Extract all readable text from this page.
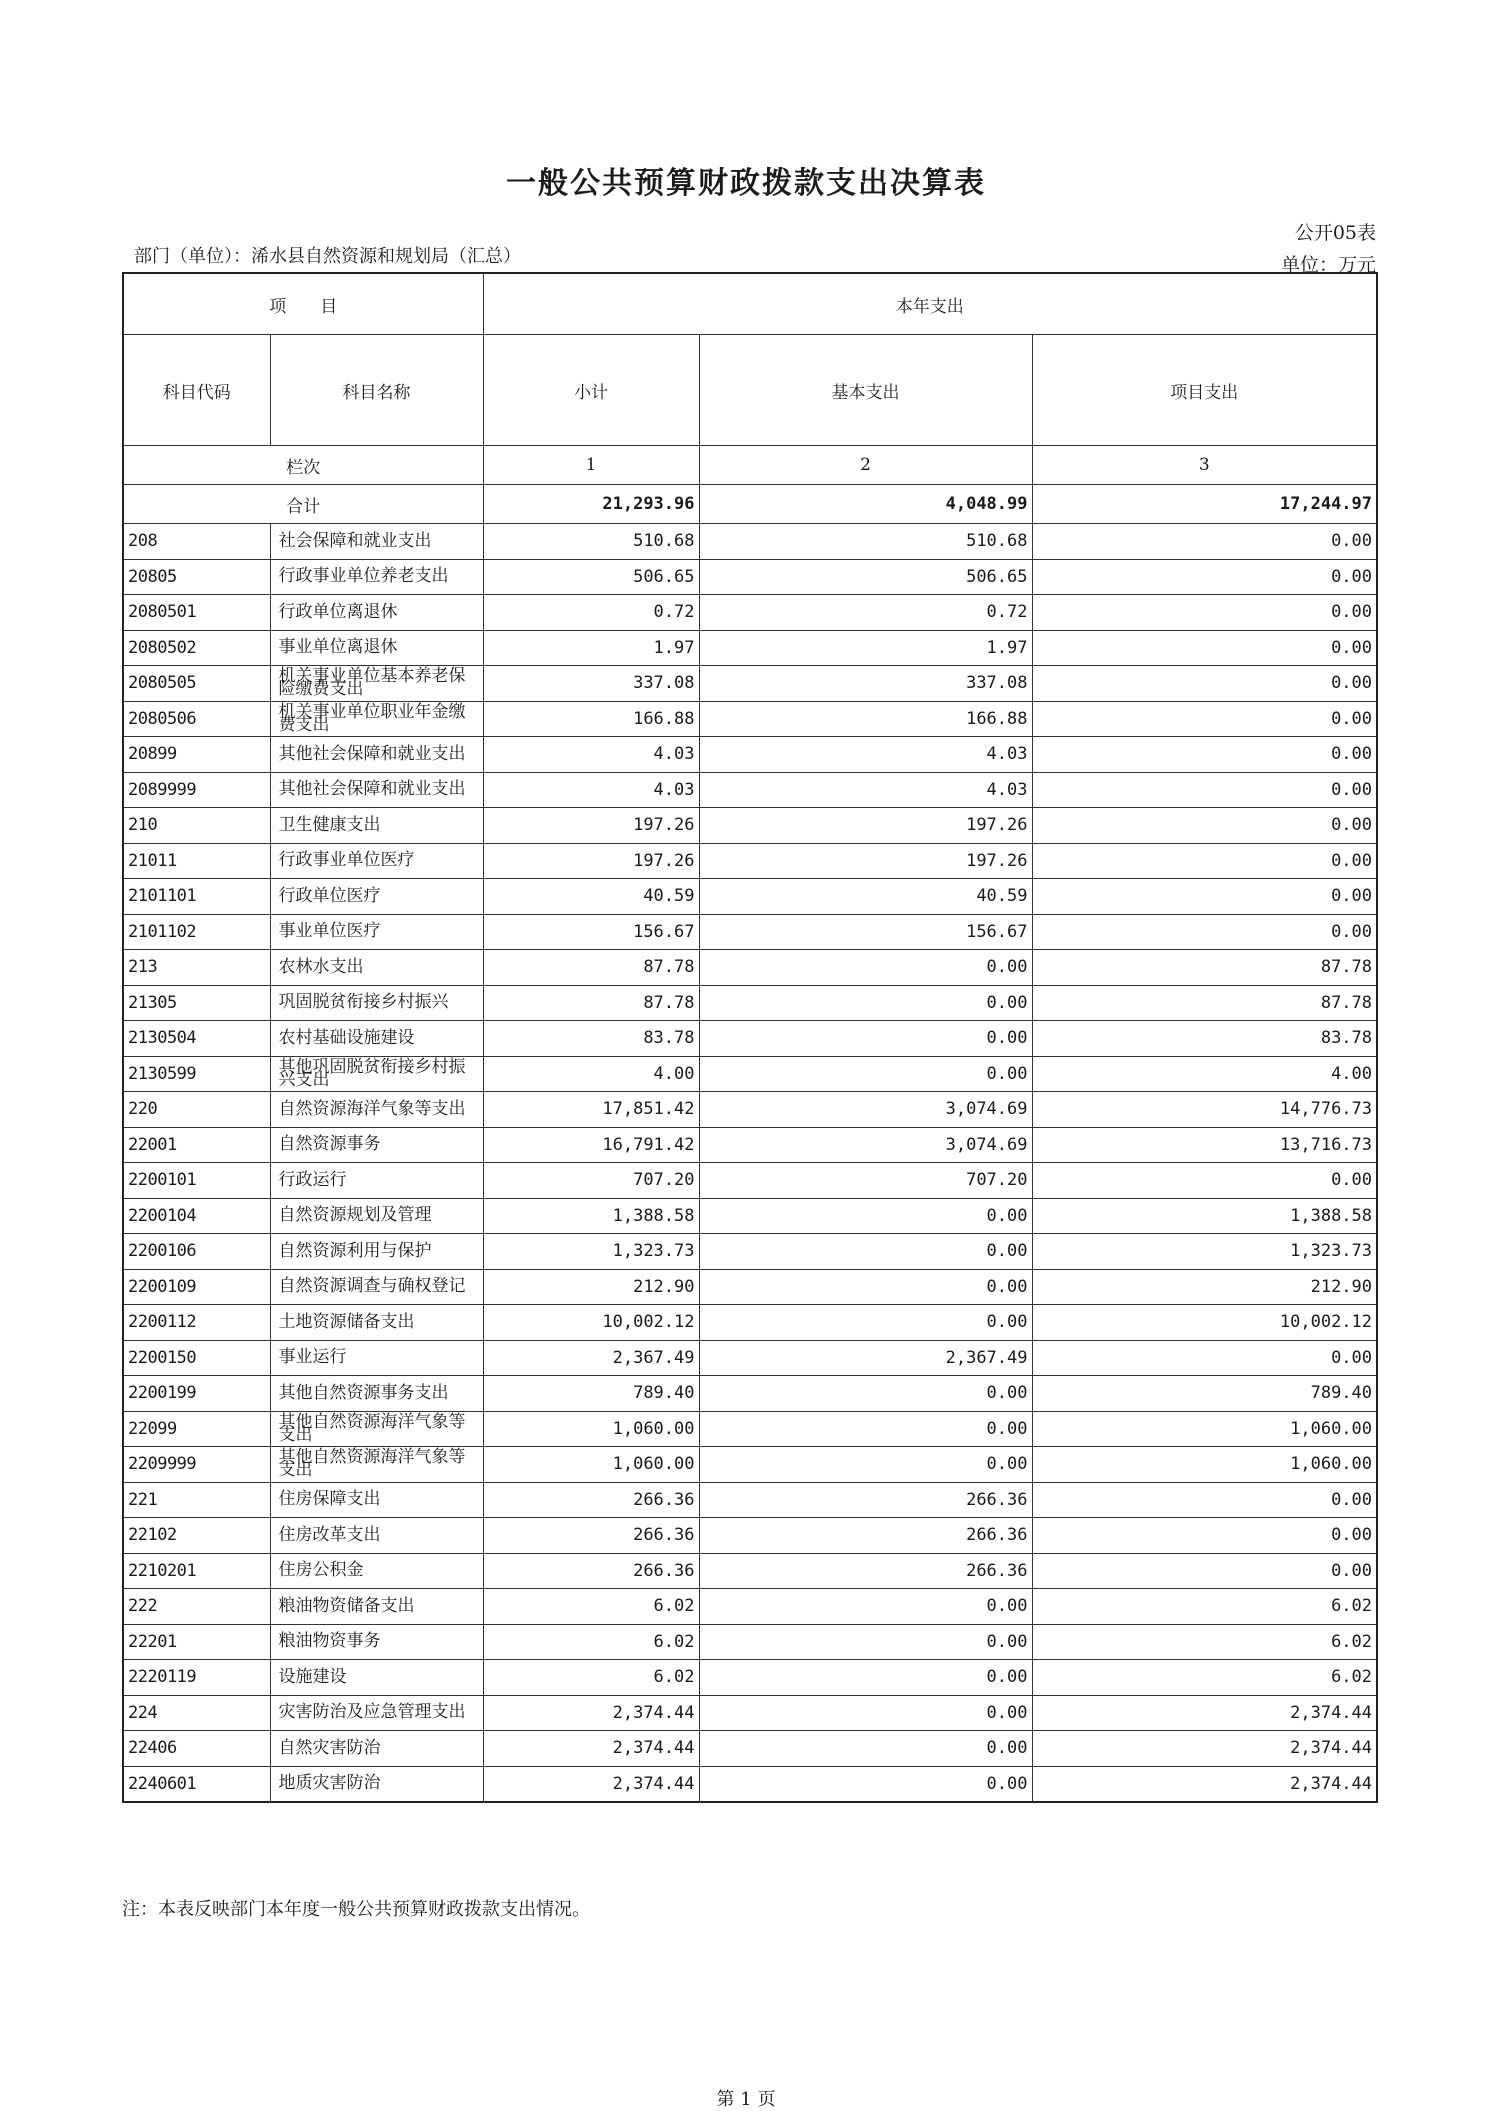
一般公共预算财政拨款支出决算表
公开05表
部门（单位）：浠水县自然资源和规划局（汇总）	单位：万元
项　　目		本年支出		
科目代码	科目名称	小计	基本支出	项目支出
栏次		1	2	3
合计		21,293.96	4,048.99	17,244.97
208	社会保障和就业支出	510.68	510.68	0.00
20805	行政事业单位养老支出	506.65	506.65	0.00
2080501	行政单位离退休	0.72	0.72	0.00
2080502	事业单位离退休	1.97	1.97	0.00
2080505	机关事业单位基本养老保险缴费支出	337.08	337.08	0.00
2080506	机关事业单位职业年金缴费支出	166.88	166.88	0.00
20899	其他社会保障和就业支出	4.03	4.03	0.00
2089999	其他社会保障和就业支出	4.03	4.03	0.00
210	卫生健康支出	197.26	197.26	0.00
21011	行政事业单位医疗	197.26	197.26	0.00
2101101	行政单位医疗	40.59	40.59	0.00
2101102	事业单位医疗	156.67	156.67	0.00
213	农林水支出	87.78	0.00	87.78
21305	巩固脱贫衔接乡村振兴	87.78	0.00	87.78
2130504	农村基础设施建设	83.78	0.00	83.78
2130599	其他巩固脱贫衔接乡村振兴支出	4.00	0.00	4.00
220	自然资源海洋气象等支出	17,851.42	3,074.69	14,776.73
22001	自然资源事务	16,791.42	3,074.69	13,716.73
2200101	行政运行	707.20	707.20	0.00
2200104	自然资源规划及管理	1,388.58	0.00	1,388.58
2200106	自然资源利用与保护	1,323.73	0.00	1,323.73
2200109	自然资源调查与确权登记	212.90	0.00	212.90
2200112	土地资源储备支出	10,002.12	0.00	10,002.12
2200150	事业运行	2,367.49	2,367.49	0.00
2200199	其他自然资源事务支出	789.40	0.00	789.40
22099	其他自然资源海洋气象等支出	1,060.00	0.00	1,060.00
2209999	其他自然资源海洋气象等支出	1,060.00	0.00	1,060.00
221	住房保障支出	266.36	266.36	0.00
22102	住房改革支出	266.36	266.36	0.00
2210201	住房公积金	266.36	266.36	0.00
222	粮油物资储备支出	6.02	0.00	6.02
22201	粮油物资事务	6.02	0.00	6.02
2220119	设施建设	6.02	0.00	6.02
224	灾害防治及应急管理支出	2,374.44	0.00	2,374.44
22406	自然灾害防治	2,374.44	0.00	2,374.44
2240601	地质灾害防治	2,374.44	0.00	2,374.44
注：本表反映部门本年度一般公共预算财政拨款支出情况。
第 1 页
